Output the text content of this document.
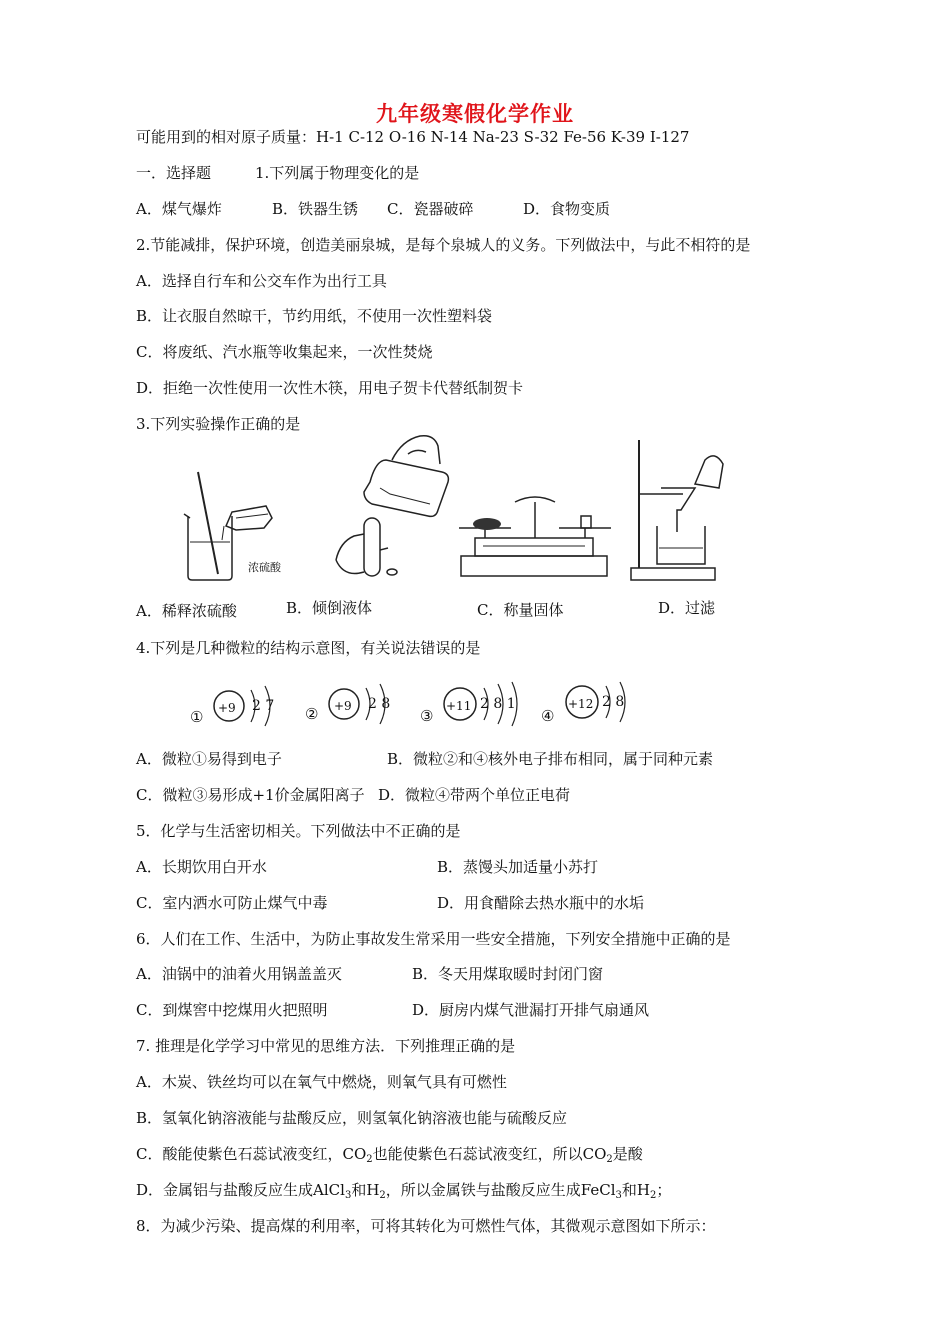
九年级寒假化学作业
可能用到的相对原子质量：H-1 C-12 O-16 N-14 Na-23 S-32 Fe-56 K-39 I-127
一．选择题	1.下列属于物理变化的是
A．煤气爆炸	B．铁器生锈 C．瓷器破碎	D．食物变质
2.节能减排，保护环境，创造美丽泉城，是每个泉城人的义务。下列做法中，与此不相符的是
A．选择自行车和公交车作为出行工具
B．让衣服自然晾干，节约用纸，不使用一次性塑料袋
C．将废纸、汽水瓶等收集起来，一次性焚烧
D．拒绝一次性使用一次性木筷，用电子贺卡代替纸制贺卡
3.下列实验操作正确的是
浓硫酸
A．稀释浓硫酸	B．倾倒液体	C．称量固体	D．过滤
4.下列是几种微粒的结构示意图，有关说法错误的是
① +9 2 7 ② +9 2 8
③
+11 2 8 1
④
+12 2 8
A．微粒①易得到电子	B．微粒②和④核外电子排布相同，属于同种元素
C．微粒③易形成+1价金属阳离子 D．微粒④带两个单位正电荷
5．化学与生活密切相关。下列做法中不正确的是
A．长期饮用白开水	B．蒸馒头加适量小苏打
C．室内洒水可防止煤气中毒	D．用食醋除去热水瓶中的水垢
6．人们在工作、生活中，为防止事故发生常采用一些安全措施，下列安全措施中正确的是
A．油锅中的油着火用锅盖盖灭	B．冬天用煤取暖时封闭门窗
C．到煤窖中挖煤用火把照明	D．厨房内煤气泄漏打开排气扇通风
7. 推理是化学学习中常见的思维方法．下列推理正确的是
A．木炭、铁丝均可以在氧气中燃烧，则氧气具有可燃性
B．氢氧化钠溶液能与盐酸反应，则氢氧化钠溶液也能与硫酸反应
C．酸能使紫色石蕊试液变红，$CO_2$也能使紫色石蕊试液变红，所以$CO_2$是酸
D．金属铝与盐酸反应生成AlCl$_3$和$H_2$，所以金属铁与盐酸反应生成FeCl$_3$和$H_2$；
8．为减少污染、提高煤的利用率，可将其转化为可燃性气体，其微观示意图如下所示：
